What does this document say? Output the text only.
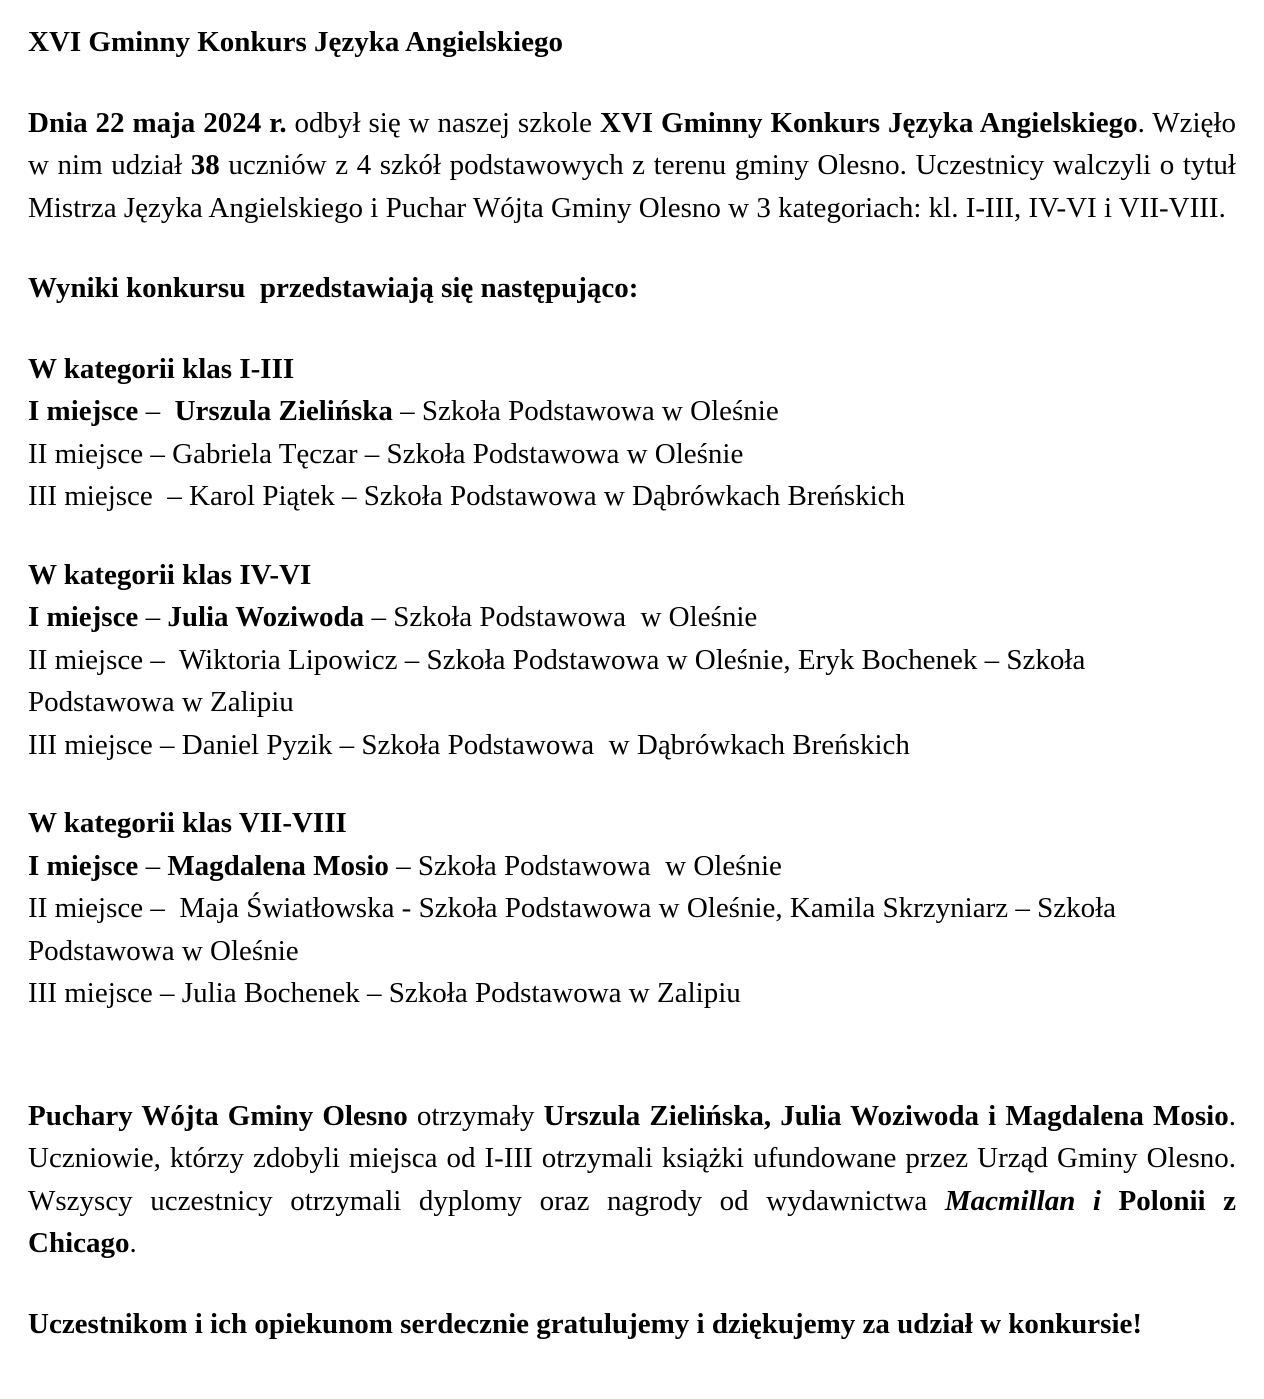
XVI Gminny Konkurs Języka Angielskiego

Dnia 22 maja 2024 r. odbył się w naszej szkole XVI Gminny Konkurs Języka Angielskiego. Wzięło w nim udział 38 uczniów z 4 szkół podstawowych z terenu gminy Olesno. Uczestnicy walczyli o tytuł Mistrza Języka Angielskiego i Puchar Wójta Gminy Olesno w 3 kategoriach: kl. I-III, IV-VI i VII-VIII.

Wyniki konkursu  przedstawiają się następująco:

W kategorii klas I-III

I miejsce –  Urszula Zielińska – Szkoła Podstawowa w Oleśnie

II miejsce – Gabriela Tęczar – Szkoła Podstawowa w Oleśnie

III miejsce  – Karol Piątek – Szkoła Podstawowa w Dąbrówkach Breńskich

W kategorii klas IV-VI

I miejsce – Julia Woziwoda – Szkoła Podstawowa  w Oleśnie

II miejsce –  Wiktoria Lipowicz – Szkoła Podstawowa w Oleśnie, Eryk Bochenek – Szkoła Podstawowa w Zalipiu

III miejsce – Daniel Pyzik – Szkoła Podstawowa  w Dąbrówkach Breńskich

W kategorii klas VII-VIII

I miejsce – Magdalena Mosio – Szkoła Podstawowa  w Oleśnie

II miejsce –  Maja Światłowska - Szkoła Podstawowa w Oleśnie, Kamila Skrzyniarz – Szkoła Podstawowa w Oleśnie

III miejsce – Julia Bochenek – Szkoła Podstawowa w Zalipiu

Puchary Wójta Gminy Olesno otrzymały Urszula Zielińska, Julia Woziwoda i Magdalena Mosio. Uczniowie, którzy zdobyli miejsca od I-III otrzymali książki ufundowane przez Urząd Gminy Olesno. Wszyscy uczestnicy otrzymali dyplomy oraz nagrody od wydawnictwa Macmillan i Polonii z Chicago.

Uczestnikom i ich opiekunom serdecznie gratulujemy i dziękujemy za udział w konkursie!
